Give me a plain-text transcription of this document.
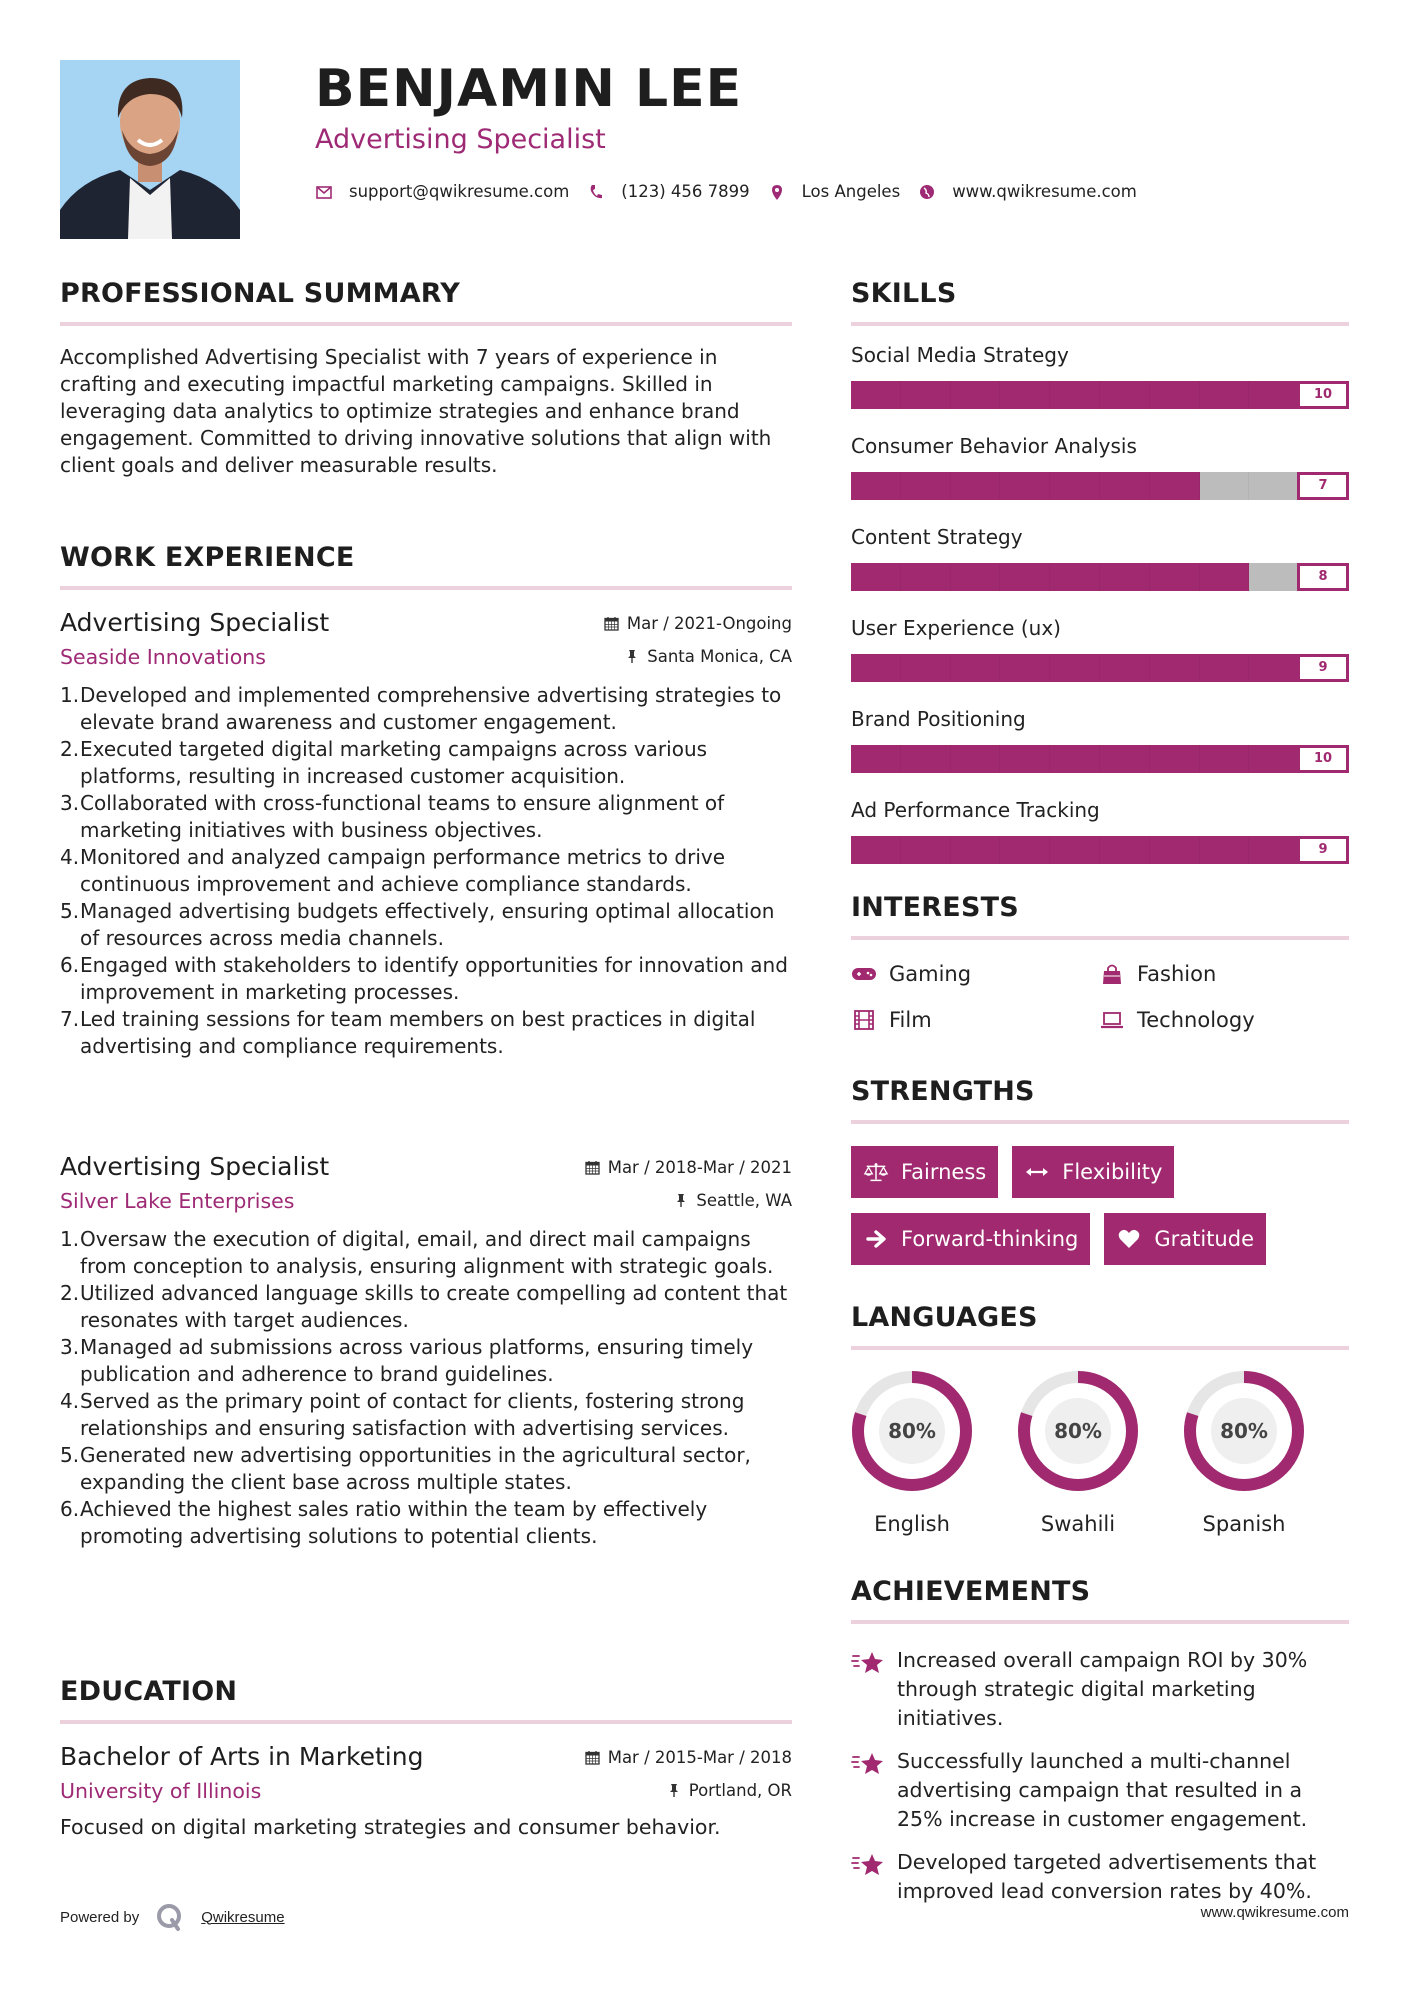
BENJAMIN LEE
Advertising Specialist
support@qwikresume.com	(123) 456 7899	Los Angeles	www.qwikresume.com
PROFESSIONAL SUMMARY
Accomplished Advertising Specialist with 7 years of experience in crafting and executing impactful marketing campaigns. Skilled in leveraging data analytics to optimize strategies and enhance brand engagement. Committed to driving innovative solutions that align with client goals and deliver measurable results.
WORK EXPERIENCE
Advertising Specialist	Mar / 2021-Ongoing
Seaside Innovations	Santa Monica, CA
1. Developed and implemented comprehensive advertising strategies to elevate brand awareness and customer engagement.
2. Executed targeted digital marketing campaigns across various platforms, resulting in increased customer acquisition.
3. Collaborated with cross-functional teams to ensure alignment of marketing initiatives with business objectives.
4. Monitored and analyzed campaign performance metrics to drive continuous improvement and achieve compliance standards.
5. Managed advertising budgets effectively, ensuring optimal allocation of resources across media channels.
6. Engaged with stakeholders to identify opportunities for innovation and improvement in marketing processes.
7. Led training sessions for team members on best practices in digital advertising and compliance requirements.
Advertising Specialist	Mar / 2018-Mar / 2021
Silver Lake Enterprises	Seattle, WA
1. Oversaw the execution of digital, email, and direct mail campaigns from conception to analysis, ensuring alignment with strategic goals.
2. Utilized advanced language skills to create compelling ad content that resonates with target audiences.
3. Managed ad submissions across various platforms, ensuring timely publication and adherence to brand guidelines.
4. Served as the primary point of contact for clients, fostering strong relationships and ensuring satisfaction with advertising services.
5. Generated new advertising opportunities in the agricultural sector, expanding the client base across multiple states.
6. Achieved the highest sales ratio within the team by effectively promoting advertising solutions to potential clients.
EDUCATION
Bachelor of Arts in Marketing	Mar / 2015-Mar / 2018
University of Illinois	Portland, OR
Focused on digital marketing strategies and consumer behavior.
SKILLS
Social Media Strategy
10
Consumer Behavior Analysis
7
Content Strategy
8
User Experience (ux)
9
Brand Positioning
10
Ad Performance Tracking
9
INTERESTS
Gaming	Fashion
Film	Technology
STRENGTHS
Fairness	Flexibility
Forward-thinking	Gratitude
LANGUAGES
80%
English
80%
Swahili
80%
Spanish
ACHIEVEMENTS
Increased overall campaign ROI by 30% through strategic digital marketing initiatives.
Successfully launched a multi-channel advertising campaign that resulted in a 25% increase in customer engagement.
Developed targeted advertisements that improved lead conversion rates by 40%.
Powered by	Qwikresume	www.qwikresume.com
